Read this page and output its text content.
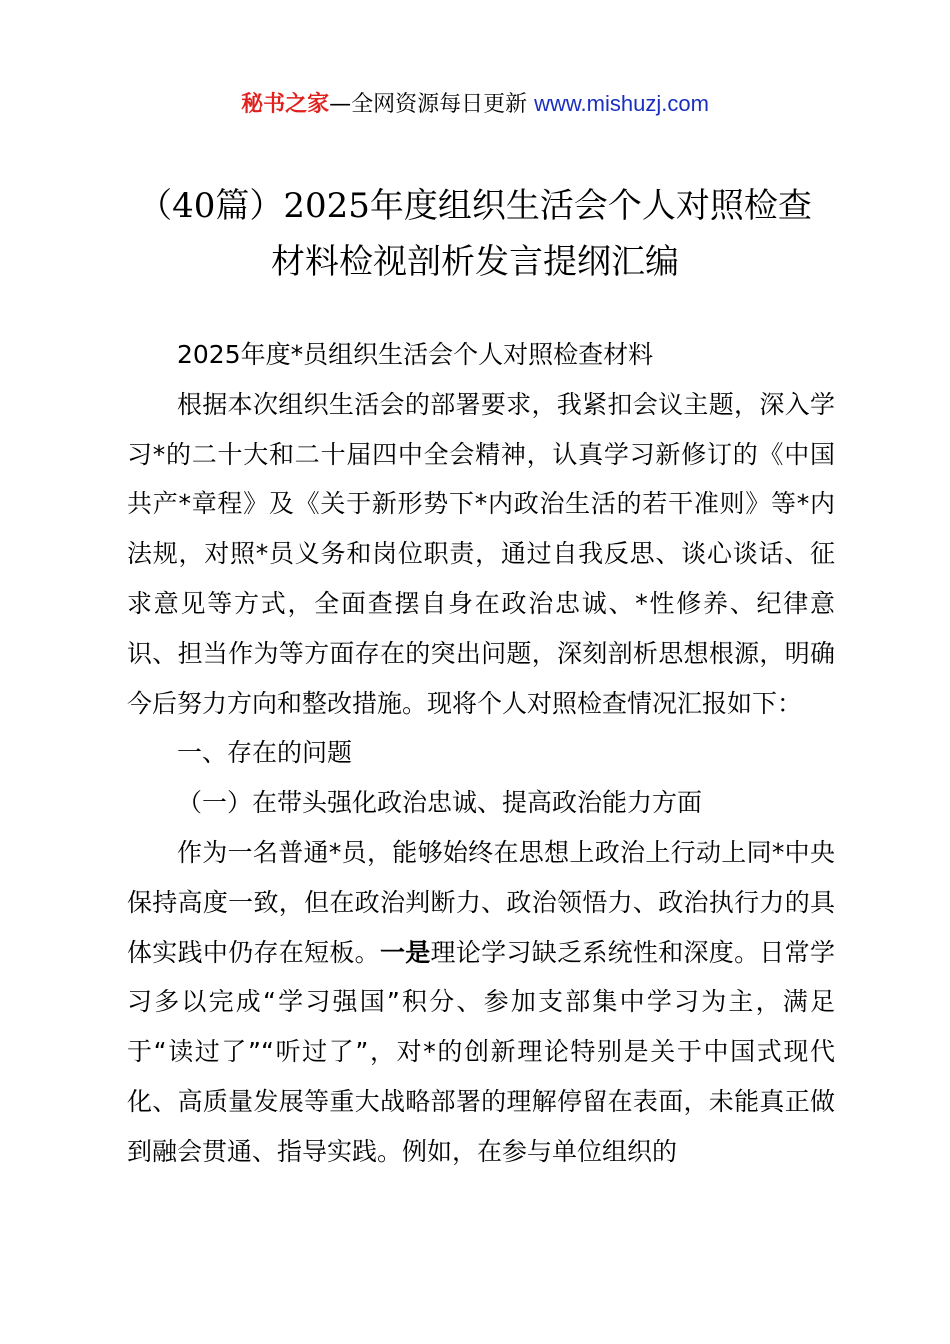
秘书之家—全网资源每日更新 www.mishuzj.com
（40篇）2025年度组织生活会个人对照检查
材料检视剖析发言提纲汇编

2025年度*员组织生活会个人对照检查材料

根据本次组织生活会的部署要求，我紧扣会议主题，深入学习*的二十大和二十届四中全会精神，认真学习新修订的《中国共产*章程》及《关于新形势下*内政治生活的若干准则》等*内法规，对照*员义务和岗位职责，通过自我反思、谈心谈话、征求意见等方式，全面查摆自身在政治忠诚、*性修养、纪律意识、担当作为等方面存在的突出问题，深刻剖析思想根源，明确今后努力方向和整改措施。现将个人对照检查情况汇报如下：

一、存在的问题

（一）在带头强化政治忠诚、提高政治能力方面

作为一名普通*员，能够始终在思想上政治上行动上同*中央保持高度一致，但在政治判断力、政治领悟力、政治执行力的具体实践中仍存在短板。一是理论学习缺乏系统性和深度。日常学习多以完成“学习强国”积分、参加支部集中学习为主，满足于“读过了”“听过了”，对*的创新理论特别是关于中国式现代化、高质量发展等重大战略部署的理解停留在表面，未能真正做到融会贯通、指导实践。例如，在参与单位组织的
